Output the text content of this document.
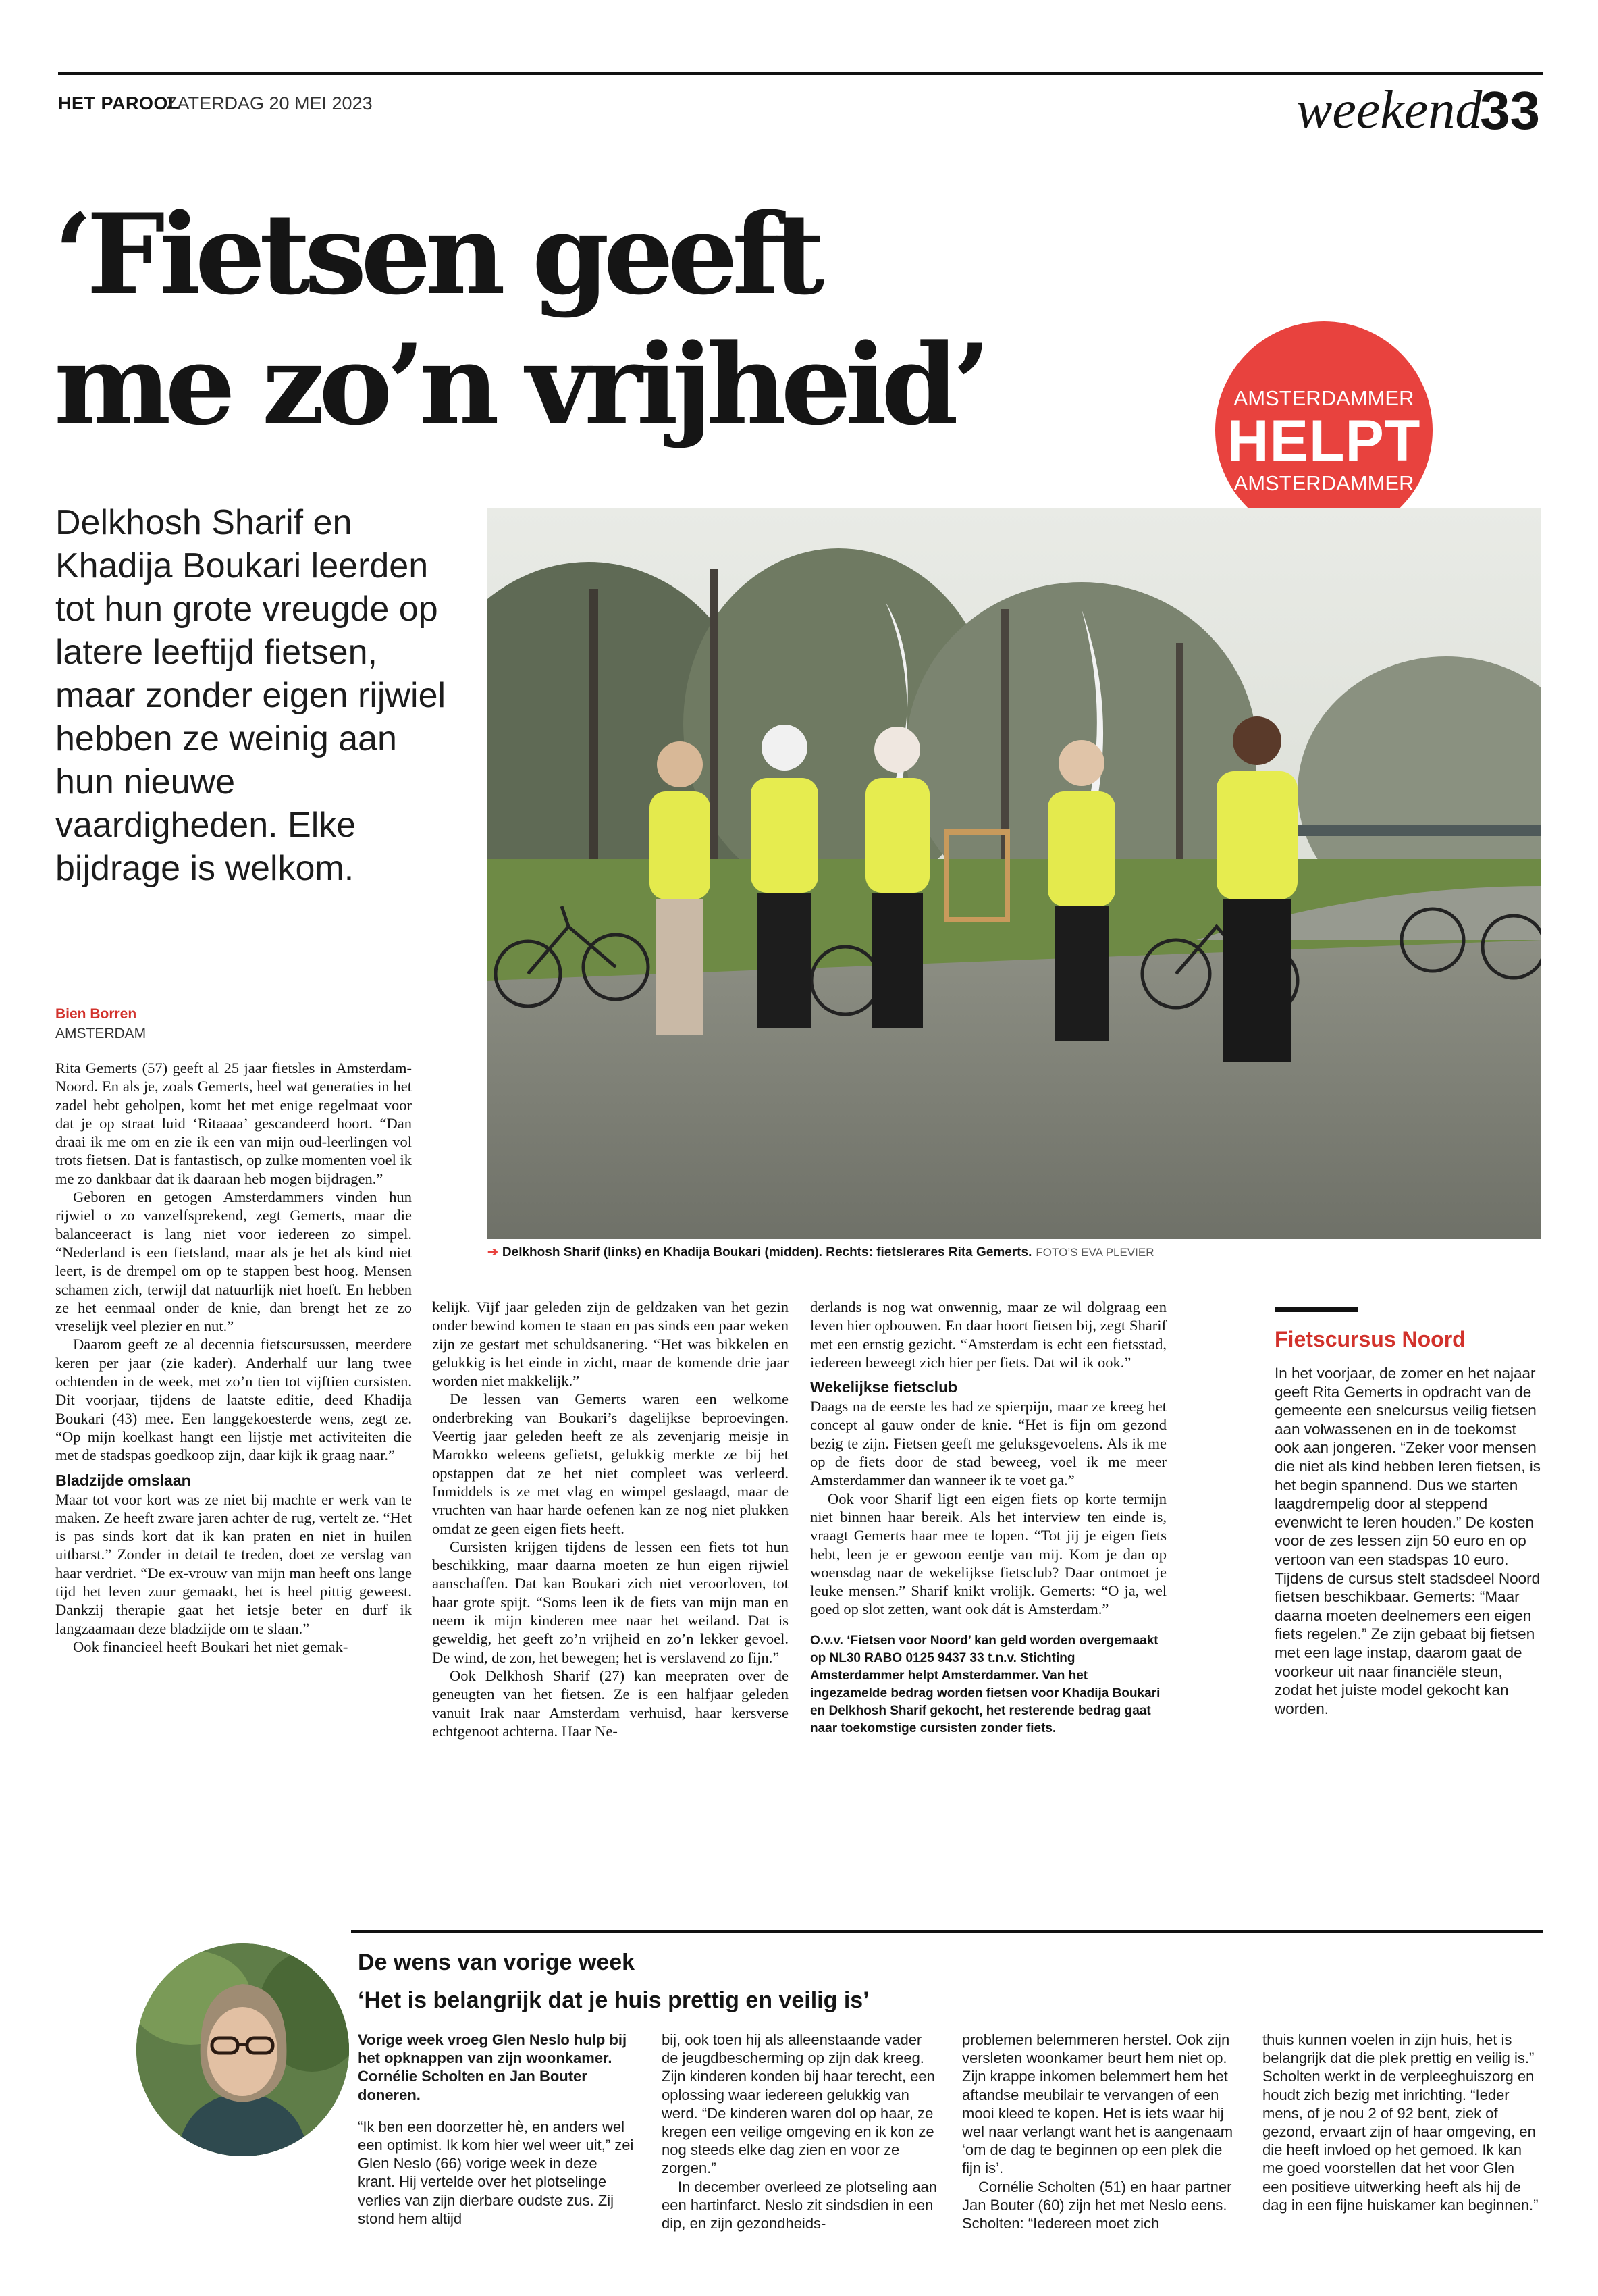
HET PAROOL
ZATERDAG 20 MEI 2023	weekend
33
‘Fietsen geeft
me zo’n vrijheid’	AMSTERDAMMER
HELPT
AMSTERDAMMER
Delkhosh Sharif en Khadija Boukari leerden tot hun grote vreugde op latere leeftijd fietsen, maar zonder eigen rijwiel hebben ze weinig aan hun nieuwe vaardigheden. Elke bijdrage is welkom.
➔ Delkhosh Sharif (links) en Khadija Boukari (midden). Rechts: fietslerares Rita Gemerts. FOTO’S EVA PLEVIER
Bien Borren
AMSTERDAM

Rita Gemerts (57) geeft al 25 jaar fietsles in Amsterdam-Noord. En als je, zoals Gemerts, heel wat generaties in het zadel hebt geholpen, komt het met enige regelmaat voor dat je op straat luid ‘Ritaaaa’ gescandeerd hoort. “Dan draai ik me om en zie ik een van mijn oud-leerlingen vol trots fietsen. Dat is fantastisch, op zulke momenten voel ik me zo dankbaar dat ik daaraan heb mogen bijdragen.”

Geboren en getogen Amsterdammers vinden hun rijwiel o zo vanzelfsprekend, zegt Gemerts, maar die balanceeract is lang niet voor iedereen zo simpel. “Nederland is een fietsland, maar als je het als kind niet leert, is de drempel om op te stappen best hoog. Mensen schamen zich, terwijl dat natuurlijk niet hoeft. En hebben ze het eenmaal onder de knie, dan brengt het ze zo vreselijk veel plezier en nut.”

Daarom geeft ze al decennia fietscursussen, meerdere keren per jaar (zie kader). Anderhalf uur lang twee ochtenden in de week, met zo’n tien tot vijftien cursisten. Dit voorjaar, tijdens de laatste editie, deed Khadija Boukari (43) mee. Een langgekoesterde wens, zegt ze. “Op mijn koelkast hangt een lijstje met activiteiten die met de stadspas goedkoop zijn, daar kijk ik graag naar.”

Bladzijde omslaan

Maar tot voor kort was ze niet bij machte er werk van te maken. Ze heeft zware jaren achter de rug, vertelt ze. “Het is pas sinds kort dat ik kan praten en niet in huilen uitbarst.” Zonder in detail te treden, doet ze verslag van haar verdriet. “De ex-vrouw van mijn man heeft ons lange tijd het leven zuur gemaakt, het is heel pittig geweest. Dankzij therapie gaat het ietsje beter en durf ik langzaamaan deze bladzijde om te slaan.”

Ook financieel heeft Boukari het niet gemak-

kelijk. Vijf jaar geleden zijn de geldzaken van het gezin onder bewind komen te staan en pas sinds een paar weken zijn ze gestart met schuldsanering. “Het was bikkelen en gelukkig is het einde in zicht, maar de komende drie jaar worden niet makkelijk.”

De lessen van Gemerts waren een welkome onderbreking van Boukari’s dagelijkse beproevingen. Veertig jaar geleden heeft ze als zevenjarig meisje in Marokko weleens gefietst, gelukkig merkte ze bij het opstappen dat ze het niet compleet was verleerd. Inmiddels is ze met vlag en wimpel geslaagd, maar de vruchten van haar harde oefenen kan ze nog niet plukken omdat ze geen eigen fiets heeft.

Cursisten krijgen tijdens de lessen een fiets tot hun beschikking, maar daarna moeten ze hun eigen rijwiel aanschaffen. Dat kan Boukari zich niet veroorloven, tot haar grote spijt. “Soms leen ik de fiets van mijn man en neem ik mijn kinderen mee naar het weiland. Dat is geweldig, het geeft zo’n vrijheid en zo’n lekker gevoel. De wind, de zon, het bewegen; het is verslavend zo fijn.”

Ook Delkhosh Sharif (27) kan meepraten over de geneugten van het fietsen. Ze is een halfjaar geleden vanuit Irak naar Amsterdam verhuisd, haar kersverse echtgenoot achterna. Haar Ne-

derlands is nog wat onwennig, maar ze wil dolgraag een leven hier opbouwen. En daar hoort fietsen bij, zegt Sharif met een ernstig gezicht. “Amsterdam is echt een fietsstad, iedereen beweegt zich hier per fiets. Dat wil ik ook.”

Wekelijkse fietsclub

Daags na de eerste les had ze spierpijn, maar ze kreeg het concept al gauw onder de knie. “Het is fijn om gezond bezig te zijn. Fietsen geeft me geluksgevoelens. Als ik me op de fiets door de stad beweeg, voel ik me meer Amsterdammer dan wanneer ik te voet ga.”

Ook voor Sharif ligt een eigen fiets op korte termijn niet binnen haar bereik. Als het interview ten einde is, vraagt Gemerts haar mee te lopen. “Tot jij je eigen fiets hebt, leen je er gewoon eentje van mij. Kom je dan op woensdag naar de wekelijkse fietsclub? Daar ontmoet je leuke mensen.” Sharif knikt vrolijk. Gemerts: “O ja, wel goed op slot zetten, want ook dát is Amsterdam.”

O.v.v. ‘Fietsen voor Noord’ kan geld worden overgemaakt op NL30 RABO 0125 9437 33 t.n.v. Stichting Amsterdammer helpt Amsterdammer. Van het ingezamelde bedrag worden fietsen voor Khadija Boukari en Delkhosh Sharif gekocht, het resterende bedrag gaat naar toekomstige cursisten zonder fiets.
Fietscursus Noord
In het voorjaar, de zomer en het najaar geeft Rita Gemerts in opdracht van de gemeente een snelcursus veilig fietsen aan volwassenen en in de toekomst ook aan jongeren. “Zeker voor mensen die niet als kind hebben leren fietsen, is het begin spannend. Dus we starten laagdrempelig door al steppend evenwicht te leren houden.” De kosten voor de zes lessen zijn 50 euro en op vertoon van een stadspas 10 euro. Tijdens de cursus stelt stadsdeel Noord fietsen beschikbaar. Gemerts: “Maar daarna moeten deelnemers een eigen fiets regelen.” Ze zijn gebaat bij fietsen met een lage instap, daarom gaat de voorkeur uit naar financiële steun, zodat het juiste model gekocht kan worden.
De wens van vorige week
‘Het is belangrijk dat je huis prettig en veilig is’
Vorige week vroeg Glen Neslo hulp bij het opknappen van zijn woonkamer. Cornélie Scholten en Jan Bouter doneren.

“Ik ben een doorzetter hè, en anders wel een optimist. Ik kom hier wel weer uit,” zei Glen Neslo (66) vorige week in deze krant. Hij vertelde over het plotselinge verlies van zijn dierbare oudste zus. Zij stond hem altijd

bij, ook toen hij als alleenstaande vader de jeugdbescherming op zijn dak kreeg. Zijn kinderen konden bij haar terecht, een oplossing waar iedereen gelukkig van werd. “De kinderen waren dol op haar, ze kregen een veilige omgeving en ik kon ze nog steeds elke dag zien en voor ze zorgen.”

In december overleed ze plotseling aan een hartinfarct. Neslo zit sindsdien in een dip, en zijn gezondheids-

problemen belemmeren herstel. Ook zijn versleten woonkamer beurt hem niet op. Zijn krappe inkomen belemmert hem het aftandse meubilair te vervangen of een mooi kleed te kopen. Het is iets waar hij wel naar verlangt want het is aangenaam ‘om de dag te beginnen op een plek die fijn is’.

Cornélie Scholten (51) en haar partner Jan Bouter (60) zijn het met Neslo eens. Scholten: “Iedereen moet zich

thuis kunnen voelen in zijn huis, het is belangrijk dat die plek prettig en veilig is.” Scholten werkt in de verpleeghuiszorg en houdt zich bezig met inrichting. “Ieder mens, of je nou 2 of 92 bent, ziek of gezond, ervaart zijn of haar omgeving, en die heeft invloed op het gemoed. Ik kan me goed voorstellen dat het voor Glen een positieve uitwerking heeft als hij de dag in een fijne huiskamer kan beginnen.”
